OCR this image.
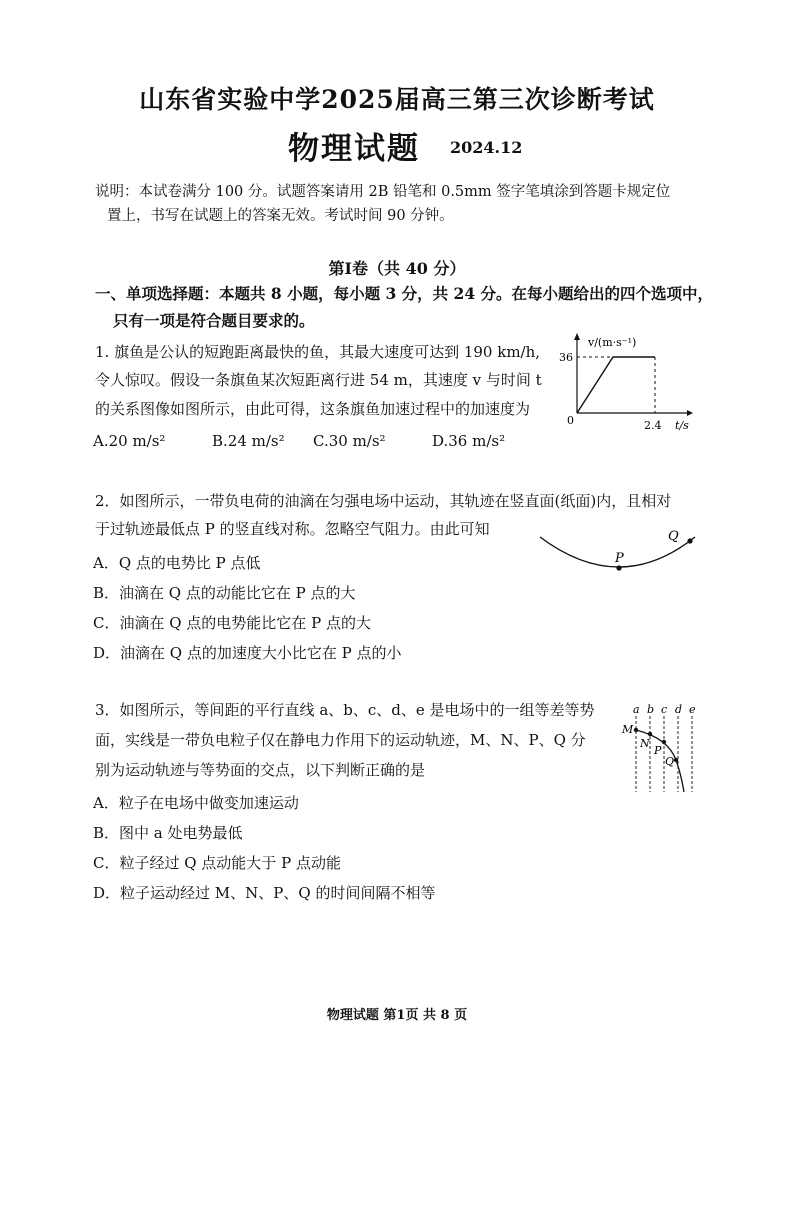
山东省实验中学2025届高三第三次诊断考试
物理试题 2024.12
说明：本试卷满分 100 分。试题答案请用 2B 铅笔和 0.5mm 签字笔填涂到答题卡规定位
置上，书写在试题上的答案无效。考试时间 90 分钟。
第Ⅰ卷（共 40 分）
一、单项选择题：本题共 8 小题，每小题 3 分，共 24 分。在每小题给出的四个选项中，
只有一项是符合题目要求的。
1. 旗鱼是公认的短跑距离最快的鱼，其最大速度可达到 190 km/h,
令人惊叹。假设一条旗鱼某次短距离行进 54 m，其速度 v 与时间 t
的关系图像如图所示，由此可得，这条旗鱼加速过程中的加速度为
A.20 m/s²	B.24 m/s² C.30 m/s²	D.36 m/s²
v/(m·s⁻¹)
36
0	2.4 t/s
2．如图所示，一带负电荷的油滴在匀强电场中运动，其轨迹在竖直面(纸面)内，且相对
于过轨迹最低点 P 的竖直线对称。忽略空气阻力。由此可知
A．Q 点的电势比 P 点低
B．油滴在 Q 点的动能比它在 P 点的大
C．油滴在 Q 点的电势能比它在 P 点的大
D．油滴在 Q 点的加速度大小比它在 P 点的小
P
Q
3．如图所示，等间距的平行直线 a、b、c、d、e 是电场中的一组等差等势
面，实线是一带负电粒子仅在静电力作用下的运动轨迹，M、N、P、Q 分
别为运动轨迹与等势面的交点，以下判断正确的是
A．粒子在电场中做变加速运动
B．图中 a 处电势最低
C．粒子经过 Q 点动能大于 P 点动能
D．粒子运动经过 M、N、P、Q 的时间间隔不相等
a b c d e
M
N
P
Q
物理试题 第1页 共 8 页
